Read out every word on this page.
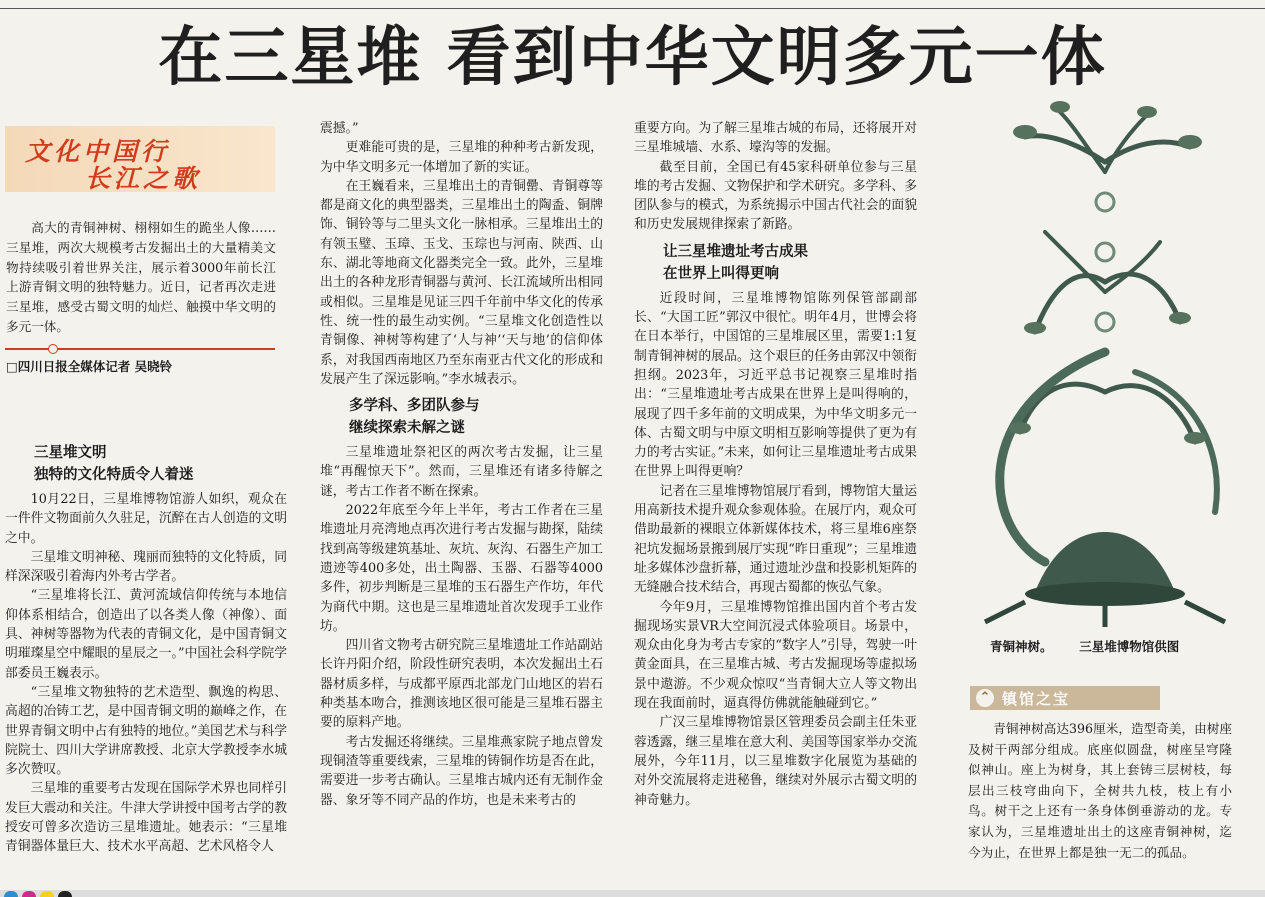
在三星堆 看到中华文明多元一体
文化中国行
长江之歌

高大的青铜神树、栩栩如生的跪坐人像……三星堆，两次大规模考古发掘出土的大量精美文物持续吸引着世界关注，展示着3000年前长江上游青铜文明的独特魅力。近日，记者再次走进三星堆，感受古蜀文明的灿烂、触摸中华文明的多元一体。

□四川日报全媒体记者 吴晓铃
三星堆文明
独特的文化特质令人着迷

10月22日，三星堆博物馆游人如织，观众在一件件文物面前久久驻足，沉醉在古人创造的文明之中。

三星堆文明神秘、瑰丽而独特的文化特质，同样深深吸引着海内外考古学者。

“三星堆将长江、黄河流域信仰传统与本地信仰体系相结合，创造出了以各类人像（神像）、面具、神树等器物为代表的青铜文化，是中国青铜文明璀璨星空中耀眼的星辰之一。”中国社会科学院学部委员王巍表示。

“三星堆文物独特的艺术造型、飘逸的构思、高超的冶铸工艺，是中国青铜文明的巅峰之作，在世界青铜文明中占有独特的地位。”美国艺术与科学院院士、四川大学讲席教授、北京大学教授李水城多次赞叹。

三星堆的重要考古发现在国际学术界也同样引发巨大震动和关注。牛津大学讲授中国考古学的教授安可曾多次造访三星堆遗址。她表示：“三星堆青铜器体量巨大、技术水平高超、艺术风格令人

震撼。”

更难能可贵的是，三星堆的种种考古新发现，为中华文明多元一体增加了新的实证。

在王巍看来，三星堆出土的青铜罍、青铜尊等都是商文化的典型器类，三星堆出土的陶盉、铜牌饰、铜铃等与二里头文化一脉相承。三星堆出土的有领玉璧、玉璋、玉戈、玉琮也与河南、陕西、山东、湖北等地商文化器类完全一致。此外，三星堆出土的各种龙形青铜器与黄河、长江流域所出相同或相似。三星堆是见证三四千年前中华文化的传承性、统一性的最生动实例。“三星堆文化创造性以青铜像、神树等构建了‘人与神’‘天与地’的信仰体系，对我国西南地区乃至东南亚古代文化的形成和发展产生了深远影响。”李水城表示。

多学科、多团队参与
继续探索未解之谜

三星堆遗址祭祀区的两次考古发掘，让三星堆“再醒惊天下”。然而，三星堆还有诸多待解之谜，考古工作者不断在探索。

2022年底至今年上半年，考古工作者在三星堆遗址月亮湾地点再次进行考古发掘与勘探，陆续找到高等级建筑基址、灰坑、灰沟、石器生产加工遗迹等400多处，出土陶器、玉器、石器等4000多件，初步判断是三星堆的玉石器生产作坊，年代为商代中期。这也是三星堆遗址首次发现手工业作坊。

四川省文物考古研究院三星堆遗址工作站副站长许丹阳介绍，阶段性研究表明，本次发掘出土石器材质多样，与成都平原西北部龙门山地区的岩石种类基本吻合，推测该地区很可能是三星堆石器主要的原料产地。

考古发掘还将继续。三星堆燕家院子地点曾发现铜渣等重要线索，三星堆的铸铜作坊是否在此，需要进一步考古确认。三星堆古城内还有无制作金器、象牙等不同产品的作坊，也是未来考古的

重要方向。为了解三星堆古城的布局，还将展开对三星堆城墙、水系、壕沟等的发掘。

截至目前，全国已有45家科研单位参与三星堆的考古发掘、文物保护和学术研究。多学科、多团队参与的模式，为系统揭示中国古代社会的面貌和历史发展规律探索了新路。

让三星堆遗址考古成果
在世界上叫得更响

近段时间，三星堆博物馆陈列保管部副部长、“大国工匠”郭汉中很忙。明年4月，世博会将在日本举行，中国馆的三星堆展区里，需要1:1复制青铜神树的展品。这个艰巨的任务由郭汉中领衔担纲。2023年，习近平总书记视察三星堆时指出：“三星堆遗址考古成果在世界上是叫得响的，展现了四千多年前的文明成果，为中华文明多元一体、古蜀文明与中原文明相互影响等提供了更为有力的考古实证。”未来，如何让三星堆遗址考古成果在世界上叫得更响？

记者在三星堆博物馆展厅看到，博物馆大量运用高新技术提升观众参观体验。在展厅内，观众可借助最新的裸眼立体新媒体技术，将三星堆6座祭祀坑发掘场景搬到展厅实现“昨日重现”；三星堆遗址多媒体沙盘折幕，通过遗址沙盘和投影机矩阵的无缝融合技术结合，再现古蜀都的恢弘气象。

今年9月，三星堆博物馆推出国内首个考古发掘现场实景VR大空间沉浸式体验项目。场景中，观众由化身为考古专家的“数字人”引导，驾驶一叶黄金面具，在三星堆古城、考古发掘现场等虚拟场景中遨游。不少观众惊叹“当青铜大立人等文物出现在我面前时，逼真得仿佛就能触碰到它。”

广汉三星堆博物馆景区管理委员会副主任朱亚蓉透露，继三星堆在意大利、美国等国家举办交流展外，今年11月，以三星堆数字化展览为基础的对外交流展将走进秘鲁，继续对外展示古蜀文明的神奇魅力。

青铜神树。 三星堆博物馆供图
⌃ 镇馆之宝

青铜神树高达396厘米，造型奇美，由树座及树干两部分组成。底座似圆盘，树座呈穹隆似神山。座上为树身，其上套铸三层树枝，每层出三枝穹曲向下，全树共九枝，枝上有小鸟。树干之上还有一条身体倒垂游动的龙。专家认为，三星堆遗址出土的这座青铜神树，迄今为止，在世界上都是独一无二的孤品。
